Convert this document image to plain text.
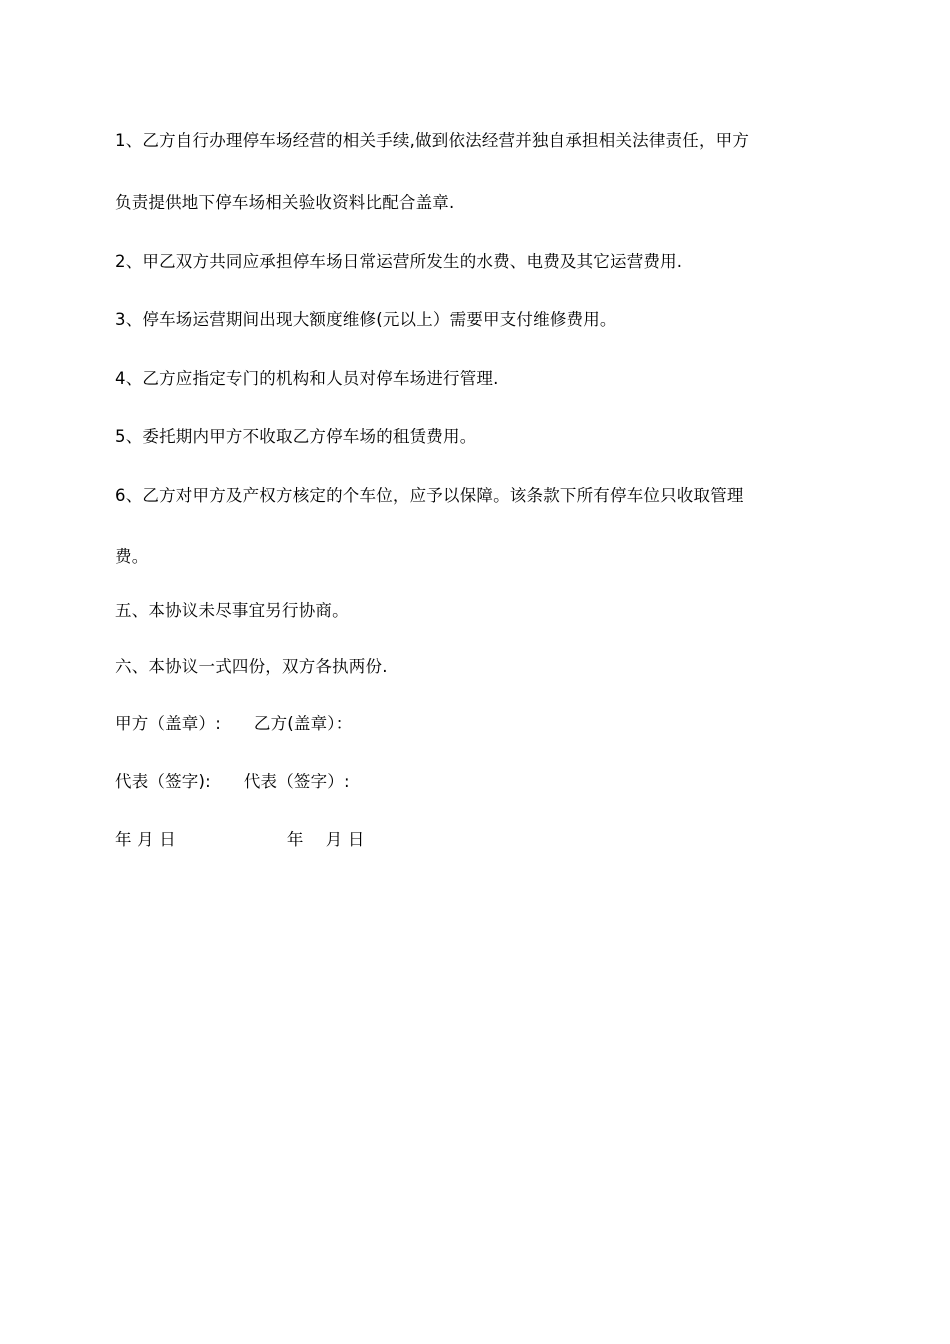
1、乙方自行办理停车场经营的相关手续,做到依法经营并独自承担相关法律责任，甲方
负责提供地下停车场相关验收资料比配合盖章.
2、甲乙双方共同应承担停车场日常运营所发生的水费、电费及其它运营费用.
3、停车场运营期间出现大额度维修(元以上）需要甲支付维修费用。
4、乙方应指定专门的机构和人员对停车场进行管理.
5、委托期内甲方不收取乙方停车场的租赁费用。
6、乙方对甲方及产权方核定的个车位，应予以保障。该条款下所有停车位只收取管理
费。
五、本协议未尽事宜另行协商。
六、本协议一式四份，双方各执两份.
甲方（盖章）: 乙方(盖章）：
代表（签字): 代表（签字）:
年 月 日	年　 月 日
